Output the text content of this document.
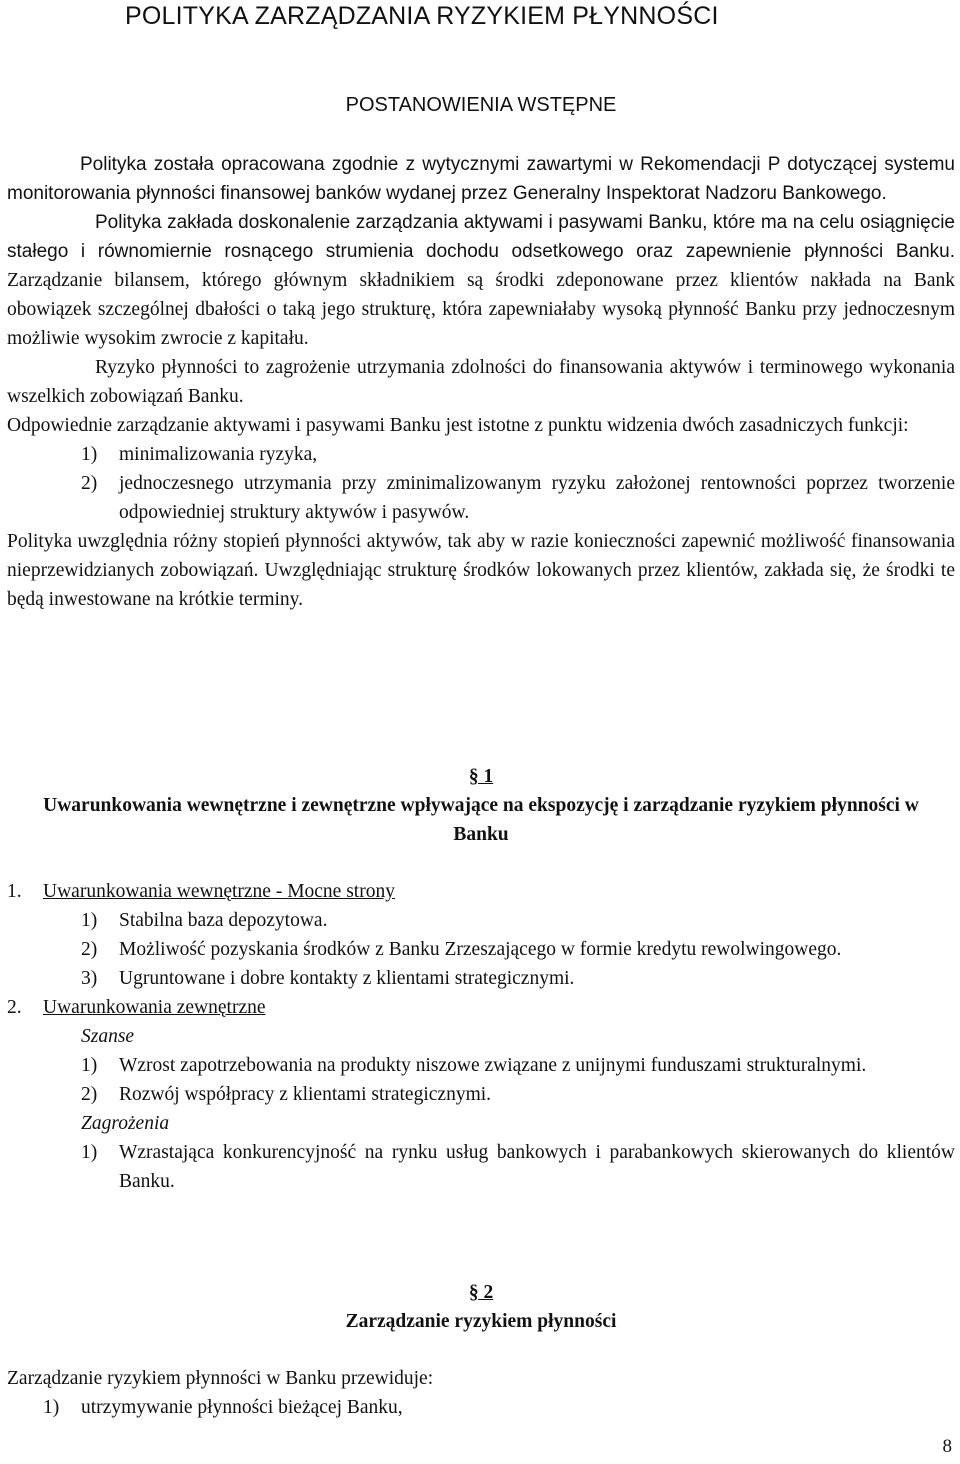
POLITYKA ZARZĄDZANIA RYZYKIEM PŁYNNOŚCI
POSTANOWIENIA WSTĘPNE

Polityka została opracowana zgodnie z wytycznymi zawartymi w Rekomendacji P dotyczącej systemu monitorowania płynności finansowej banków wydanej przez Generalny Inspektorat Nadzoru Bankowego.

Polityka zakłada doskonalenie zarządzania aktywami i pasywami Banku, które ma na celu osiągnięcie stałego i równomiernie rosnącego strumienia dochodu odsetkowego oraz zapewnienie płynności Banku. Zarządzanie bilansem, którego głównym składnikiem są środki zdeponowane przez klientów nakłada na Bank obowiązek szczególnej dbałości o taką jego strukturę, która zapewniałaby wysoką płynność Banku przy jednoczesnym możliwie wysokim zwrocie z kapitału.

Ryzyko płynności to zagrożenie utrzymania zdolności do finansowania aktywów i terminowego wykonania wszelkich zobowiązań Banku.

Odpowiednie zarządzanie aktywami i pasywami Banku jest istotne z punktu widzenia dwóch zasadniczych funkcji:

1)	minimalizowania ryzyka,
2)	jednoczesnego utrzymania przy zminimalizowanym ryzyku założonej rentowności poprzez tworzenie odpowiedniej struktury aktywów i pasywów.

Polityka uwzględnia różny stopień płynności aktywów, tak aby w razie konieczności zapewnić możliwość finansowania nieprzewidzianych zobowiązań. Uwzględniając strukturę środków lokowanych przez klientów, zakłada się, że środki te będą inwestowane na krótkie terminy.

§ 1
Uwarunkowania wewnętrzne i zewnętrzne wpływające na ekspozycję i zarządzanie ryzykiem płynności w Banku
1.	Uwarunkowania wewnętrzne - Mocne strony
1)	Stabilna baza depozytowa.
2)	Możliwość pozyskania środków z Banku Zrzeszającego w formie kredytu rewolwingowego.
3)	Ugruntowane i dobre kontakty z klientami strategicznymi.
2.	Uwarunkowania zewnętrzne
Szanse
1)	Wzrost zapotrzebowania na produkty niszowe związane z unijnymi funduszami strukturalnymi.
2)	Rozwój współpracy z klientami strategicznymi.
Zagrożenia
1)	Wzrastająca konkurencyjność na rynku usług bankowych i parabankowych skierowanych do klientów Banku.
§ 2
Zarządzanie ryzykiem płynności

Zarządzanie ryzykiem płynności w Banku przewiduje:

1)	utrzymywanie płynności bieżącej Banku,
8
